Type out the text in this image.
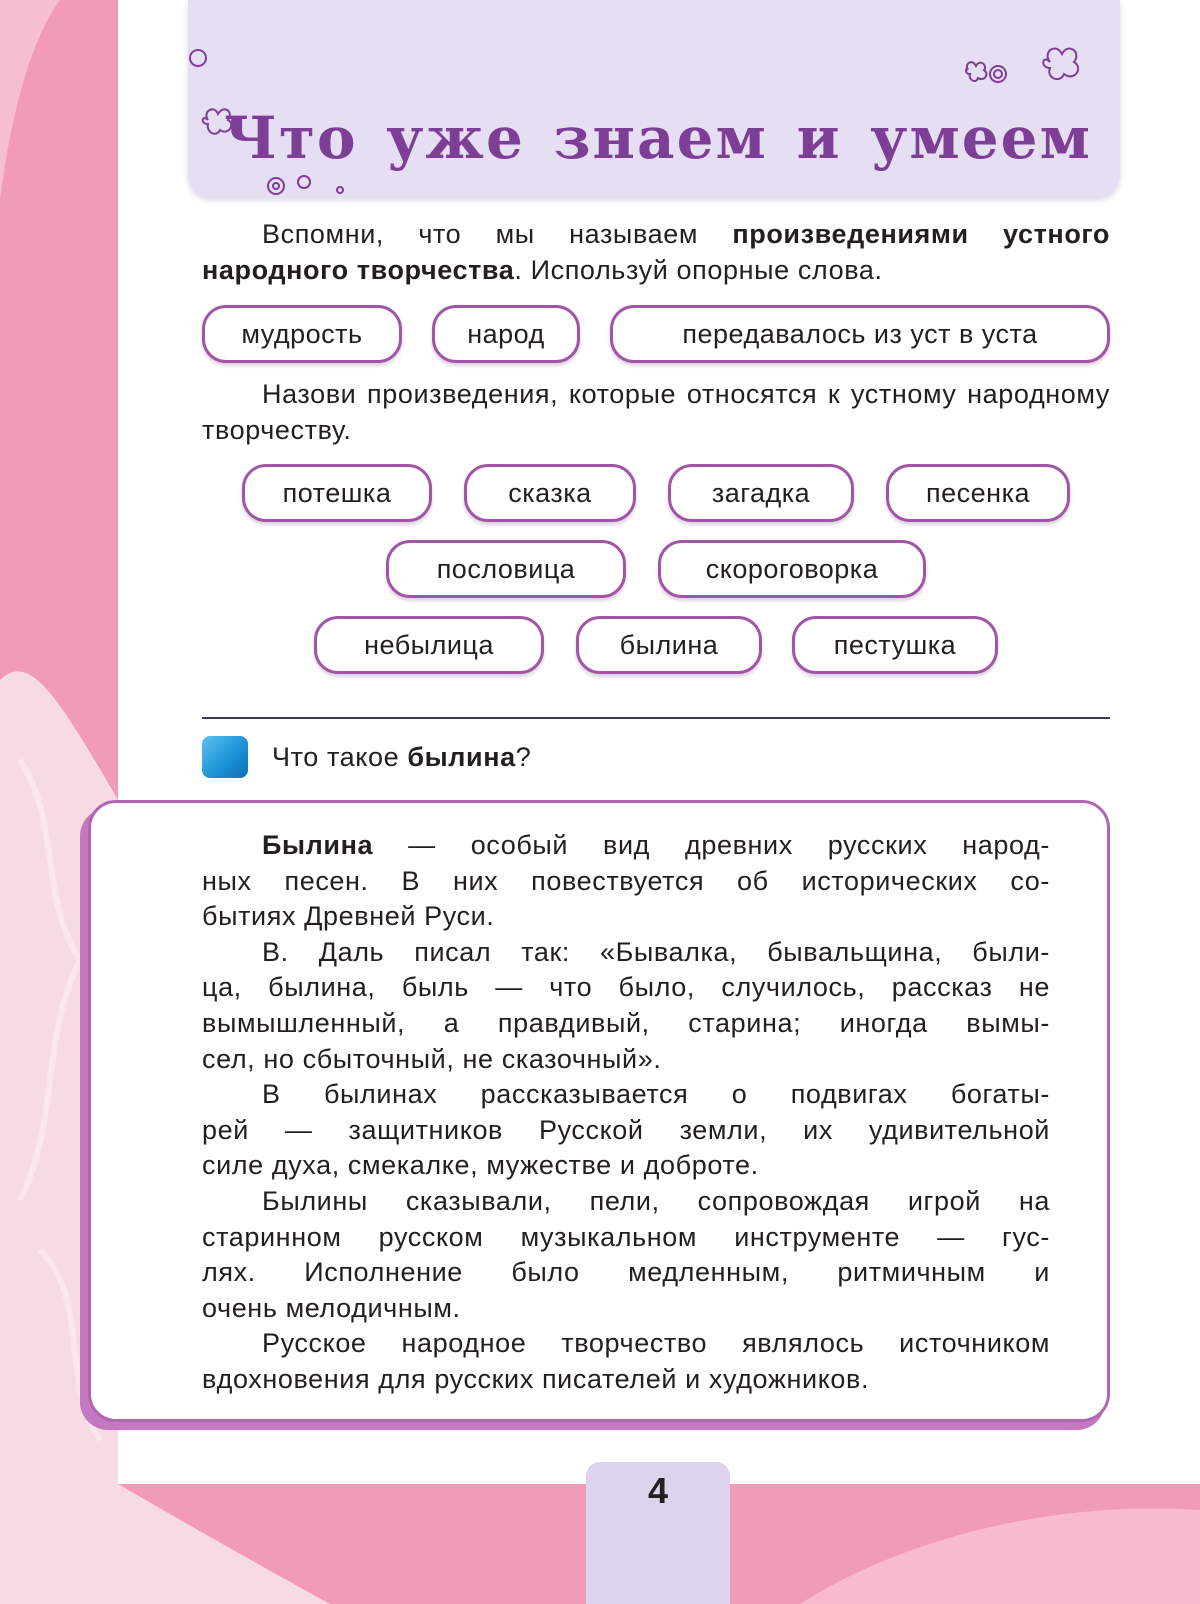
Что уже знаем и умеем
Вспомни, что мы называем произведениями устного народного творчества. Используй опорные слова.
мудрость	народ	передавалось из уст в уста
Назови произведения, которые относятся к устному народному творчеству.
потешка	сказка	загадка	песенка
пословица	скороговорка
небылица	былина	пестушка
Что такое былина?

Былина — особый вид древних русских народ-

ных песен. В них повествуется об исторических со-

бытиях Древней Руси.

В. Даль писал так: «Бывалка, бывальщина, были-

ца, былина, быль — что было, случилось, рассказ не

вымышленный, а правдивый, старина; иногда вымы-

сел, но сбыточный, не сказочный».

В былинах рассказывается о подвигах богаты-

рей — защитников Русской земли, их удивительной

силе духа, смекалке, мужестве и доброте.

Былины сказывали, пели, сопровождая игрой на

старинном русском музыкальном инструменте — гус-

лях. Исполнение было медленным, ритмичным и

очень мелодичным.

Русское народное творчество являлось источником

вдохновения для русских писателей и художников.

4
